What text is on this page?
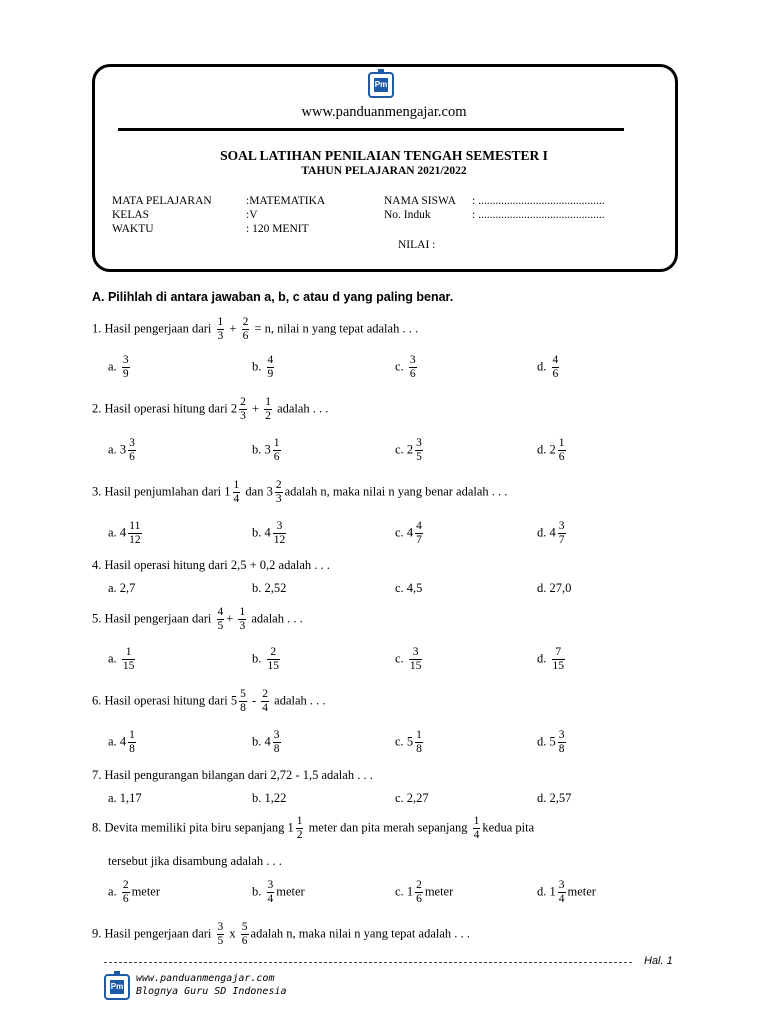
Pm
www.panduanmengajar.com
SOAL LATIHAN PENILAIAN TENGAH SEMESTER I
TAHUN PELAJARAN 2021/2022
MATA PELAJARAN	:MATEMATIKA
KELAS	:V
WAKTU	: 120 MENIT
NAMA SISWA : ............................................
No. Induk	: ............................................
NILAI :
A. Pilihlah di antara jawaban a, b, c atau d yang paling benar.
1. Hasil pengerjaan dari $\frac{1}{3} + \frac{2}{6} = n$, nilai n yang tepat adalah . . .
a. $\frac{3}{9}$	b. $\frac{4}{9}$	c. $\frac{3}{6}$	d. $\frac{4}{6}$
2. Hasil operasi hitung dari $2 \frac{2}{3} + \frac{1}{2}$ adalah . . .
a. $3 \frac{3}{6}$	b. $3 \frac{1}{6}$	c. $2 \frac{3}{5}$	d. $2 \frac{1}{6}$
3. Hasil penjumlahan dari $1 \frac{1}{4}$ dan $3 \frac{2}{3}$ adalah n, maka nilai n yang benar adalah . . .
a. $4 \frac{11}{12}$	b. $4 \frac{3}{12}$	c. $4 \frac{4}{7}$	d. $4 \frac{3}{7}$
4. Hasil operasi hitung dari 2,5 + 0,2 adalah . . .
a. 2,7	b. 2,52	c. 4,5	d. 27,0
5. Hasil pengerjaan dari $\frac{4}{5} + \frac{1}{3}$ adalah . . .
a. $\frac{1}{15}$	b. $\frac{2}{15}$	c. $\frac{3}{15}$	d. $\frac{7}{15}$
6. Hasil operasi hitung dari $5 \frac{5}{8} - \frac{2}{4}$ adalah . . .
a. $4 \frac{1}{8}$	b. $4 \frac{3}{8}$	c. $5 \frac{1}{8}$	d. $5 \frac{3}{8}$
7. Hasil pengurangan bilangan dari 2,72 - 1,5 adalah . . .
a. 1,17	b. 1,22	c. 2,27	d. 2,57
8. Devita memiliki pita biru sepanjang $1 \frac{1}{2}$ meter dan pita merah sepanjang $\frac{1}{4}$ kedua pita
tersebut jika disambung adalah . . .
a. $\frac{2}{6}$ meter	b. $\frac{3}{4}$ meter	c. $1 \frac{2}{6}$ meter	d. $1 \frac{3}{4}$ meter
9. Hasil pengerjaan dari $\frac{3}{5}$ x $\frac{5}{6}$ adalah n, maka nilai n yang tepat adalah . . .
Hal. 1
Pm
www.panduanmengajar.com
Blognya Guru SD Indonesia
